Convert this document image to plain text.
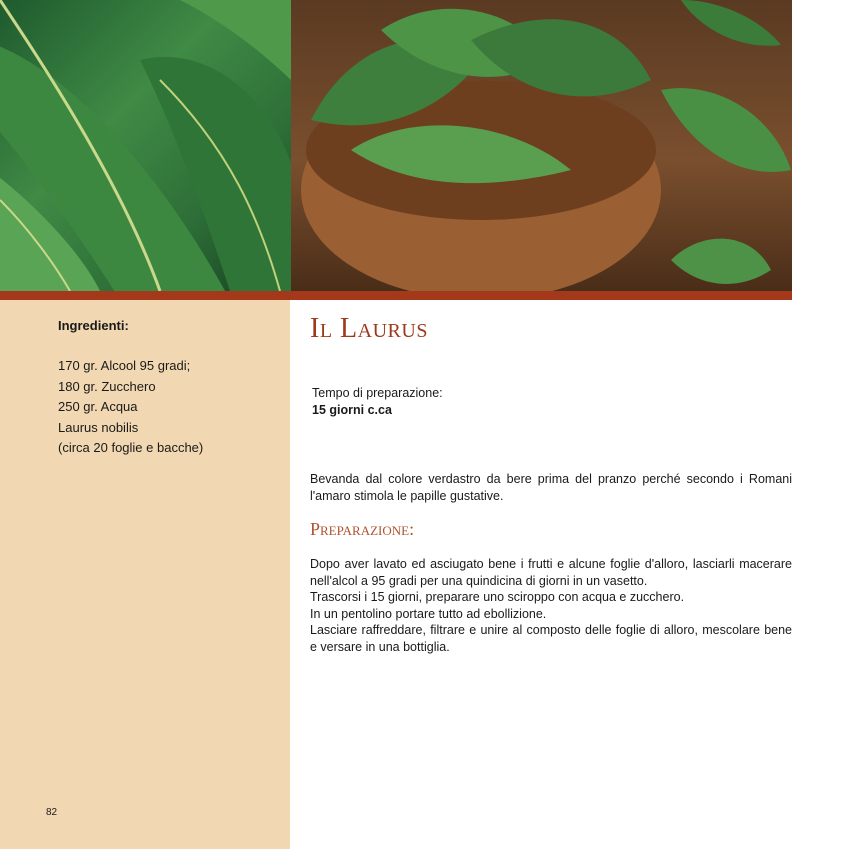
Ingredienti:
170 gr. Alcool 95 gradi;
180 gr. Zucchero
250 gr. Acqua
Laurus nobilis
(circa 20 foglie e bacche)
82
Il Laurus
Tempo di preparazione:
15 giorni c.ca

Bevanda dal colore verdastro da bere prima del pranzo perché secondo i Romani l'amaro stimola le papille gustative.

Preparazione:

Dopo aver lavato ed asciugato bene i frutti e alcune foglie d'alloro, lasciarli macerare nell'alcol a 95 gradi per una quindicina di giorni in un vasetto.

Trascorsi i 15 giorni, preparare uno sciroppo con acqua e zucchero.

In un pentolino portare tutto ad ebollizione.

Lasciare raffreddare, filtrare e unire al composto delle foglie di alloro, mescolare bene e versare in una bottiglia.
